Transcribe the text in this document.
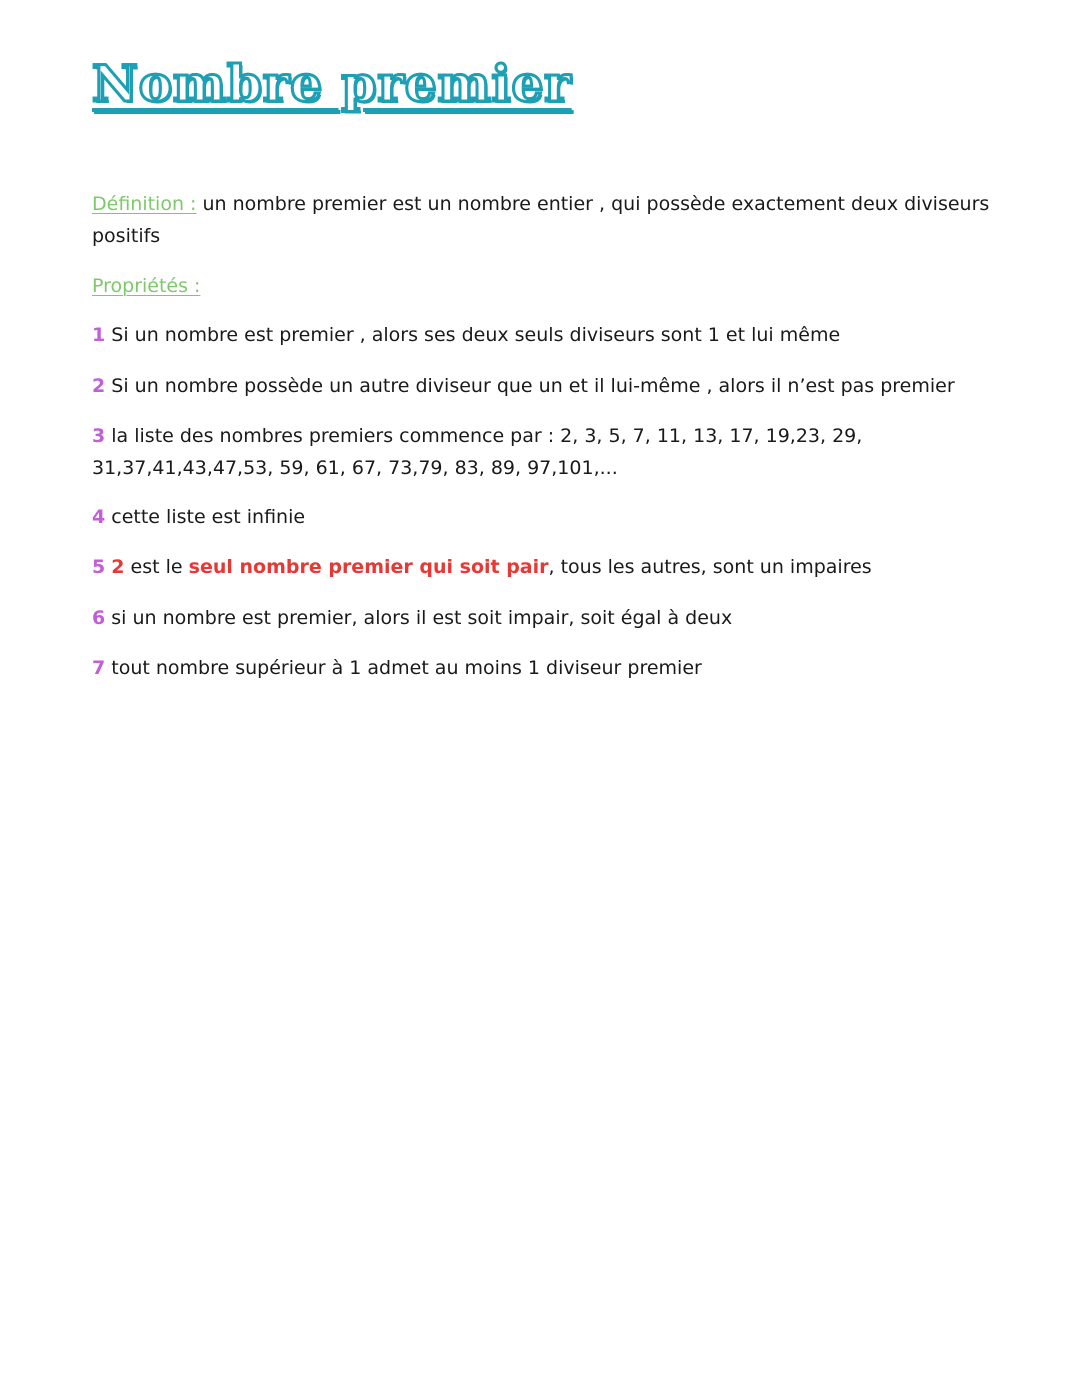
Nombre premier

Définition : un nombre premier est un nombre entier , qui possède exactement deux diviseurs positifs

Propriétés :

1 Si un nombre est premier , alors ses deux seuls diviseurs sont 1 et lui même

2 Si un nombre possède un autre diviseur que un et il lui-même , alors il n’est pas premier

3 la liste des nombres premiers commence par : 2, 3, 5, 7, 11, 13, 17, 19,23, 29, 31,37,41,43,47,53, 59, 61, 67, 73,79, 83, 89, 97,101,...

4 cette liste est infinie

5 2 est le seul nombre premier qui soit pair, tous les autres, sont un impaires

6 si un nombre est premier, alors il est soit impair, soit égal à deux

7 tout nombre supérieur à 1 admet au moins 1 diviseur premier
